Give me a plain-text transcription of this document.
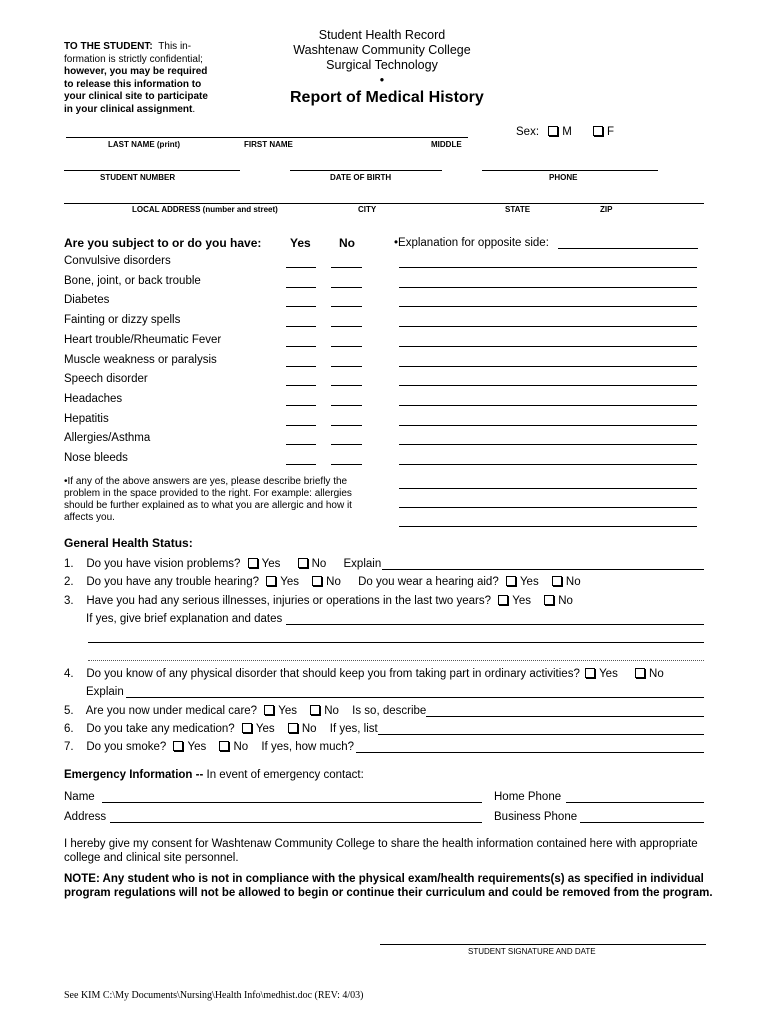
TO THE STUDENT: This in-formation is strictly confidential; however, you may be required to release this information to your clinical site to participate in your clinical assignment.
Student Health Record
Washtenaw Community College
Surgical Technology
•
Report of Medical History
Sex: M	F
LAST NAME (print)	FIRST NAME	MIDDLE
STUDENT NUMBER	DATE OF BIRTH	PHONE
LOCAL ADDRESS (number and street)	CITY	STATE	ZIP
Are you subject to or do you have: Yes No	•Explanation for opposite side:
Convulsive disorders
Bone, joint, or back trouble
Diabetes
Fainting or dizzy spells
Heart trouble/Rheumatic Fever
Muscle weakness or paralysis
Speech disorder
Headaches
Hepatitis
Allergies/Asthma
Nose bleeds
•If any of the above answers are yes, please describe briefly the problem in the space provided to the right. For example: allergies should be further explained as to what you are allergic and how it affects you.
General Health Status:
1. Do you have vision problems? Yes	No Explain
2. Do you have any trouble hearing? Yes No Do you wear a hearing aid? Yes No
3. Have you had any serious illnesses, injuries or operations in the last two years? Yes No
If yes, give brief explanation and dates
4. Do you know of any physical disorder that should keep you from taking part in ordinary activities? Yes	No
Explain
5. Are you now under medical care? Yes No Is so, describe
6. Do you take any medication? Yes No If yes, list
7. Do you smoke? Yes No If yes, how much?
Emergency Information -- In event of emergency contact:
Name	Home Phone
Address	Business Phone
I hereby give my consent for Washtenaw Community College to share the health information contained here with appropriate college and clinical site personnel.
NOTE: Any student who is not in compliance with the physical exam/health requirements(s) as specified in individual program regulations will not be allowed to begin or continue their curriculum and could be removed from the program.
STUDENT SIGNATURE AND DATE
See KIM C:\My Documents\Nursing\Health Info\medhist.doc (REV: 4/03)
